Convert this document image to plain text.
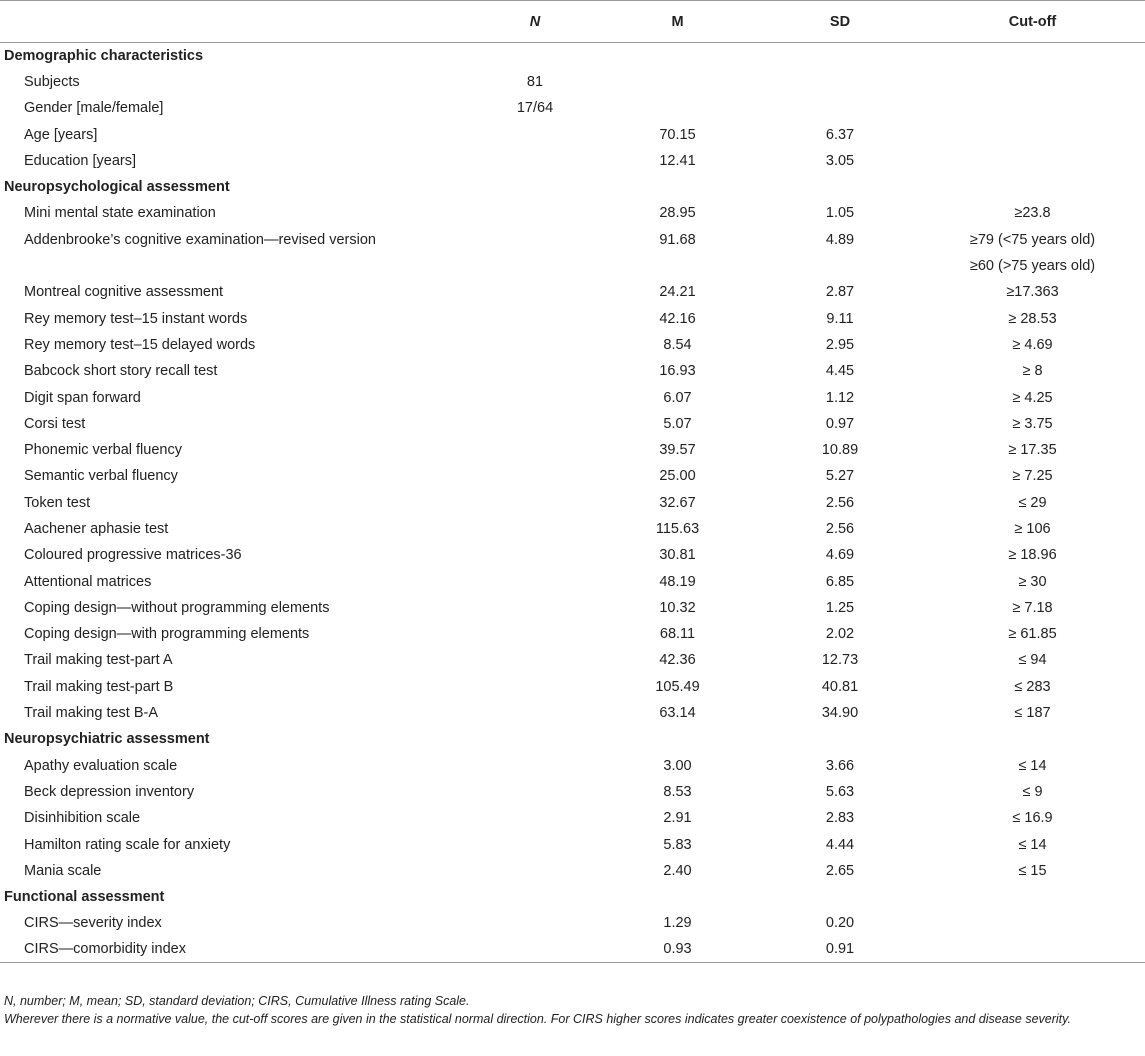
	N	M	SD	Cut-off
Demographic characteristics				
Subjects	81			
Gender [male/female]	17/64			
Age [years]		70.15	6.37	
Education [years]		12.41	3.05	
Neuropsychological assessment				
Mini mental state examination		28.95	1.05	≥23.8
Addenbrooke’s cognitive examination—revised version		91.68	4.89	≥79 (<75 years old)
				≥60 (>75 years old)
Montreal cognitive assessment		24.21	2.87	≥17.363
Rey memory test–15 instant words		42.16	9.11	≥ 28.53
Rey memory test–15 delayed words		8.54	2.95	≥ 4.69
Babcock short story recall test		16.93	4.45	≥ 8
Digit span forward		6.07	1.12	≥ 4.25
Corsi test		5.07	0.97	≥ 3.75
Phonemic verbal fluency		39.57	10.89	≥ 17.35
Semantic verbal fluency		25.00	5.27	≥ 7.25
Token test		32.67	2.56	≤ 29
Aachener aphasie test		115.63	2.56	≥ 106
Coloured progressive matrices-36		30.81	4.69	≥ 18.96
Attentional matrices		48.19	6.85	≥ 30
Coping design—without programming elements		10.32	1.25	≥ 7.18
Coping design—with programming elements		68.11	2.02	≥ 61.85
Trail making test-part A		42.36	12.73	≤ 94
Trail making test-part B		105.49	40.81	≤ 283
Trail making test B-A		63.14	34.90	≤ 187
Neuropsychiatric assessment				
Apathy evaluation scale		3.00	3.66	≤ 14
Beck depression inventory		8.53	5.63	≤ 9
Disinhibition scale		2.91	2.83	≤ 16.9
Hamilton rating scale for anxiety		5.83	4.44	≤ 14
Mania scale		2.40	2.65	≤ 15
Functional assessment				
CIRS—severity index		1.29	0.20	
CIRS—comorbidity index		0.93	0.91	

N, number; M, mean; SD, standard deviation; CIRS, Cumulative Illness rating Scale.

Wherever there is a normative value, the cut-off scores are given in the statistical normal direction. For CIRS higher scores indicates greater coexistence of polypathologies and disease severity.
